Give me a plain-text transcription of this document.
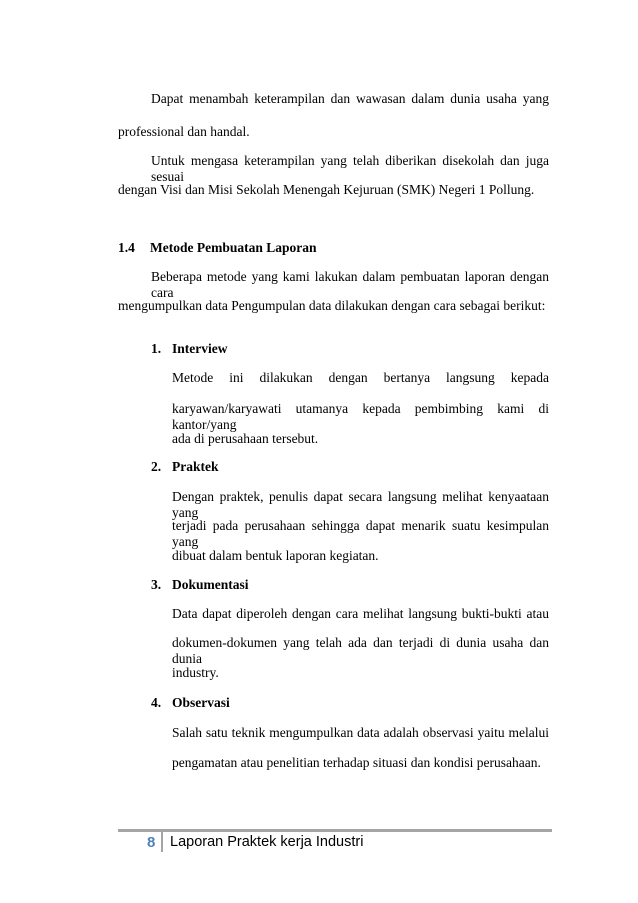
Dapat menambah keterampilan dan wawasan dalam dunia usaha yang
professional dan handal.
Untuk mengasa keterampilan yang telah diberikan disekolah dan juga sesuai
dengan Visi dan Misi Sekolah Menengah Kejuruan (SMK) Negeri 1 Pollung.
1.4 Metode Pembuatan Laporan
Beberapa metode yang kami lakukan dalam pembuatan laporan dengan cara
mengumpulkan data Pengumpulan data dilakukan dengan cara sebagai berikut:
1. Interview
Metode ini dilakukan dengan bertanya langsung kepada
karyawan/karyawati utamanya kepada pembimbing kami di kantor/yang
ada di perusahaan tersebut.
2. Praktek
Dengan praktek, penulis dapat secara langsung melihat kenyaataan yang
terjadi pada perusahaan sehingga dapat menarik suatu kesimpulan yang
dibuat dalam bentuk laporan kegiatan.
3. Dokumentasi
Data dapat diperoleh dengan cara melihat langsung bukti-bukti atau
dokumen-dokumen yang telah ada dan terjadi di dunia usaha dan dunia
industry.
4. Observasi
Salah satu teknik mengumpulkan data adalah observasi yaitu melalui
pengamatan atau penelitian terhadap situasi dan kondisi perusahaan.
8 Laporan Praktek kerja Industri
